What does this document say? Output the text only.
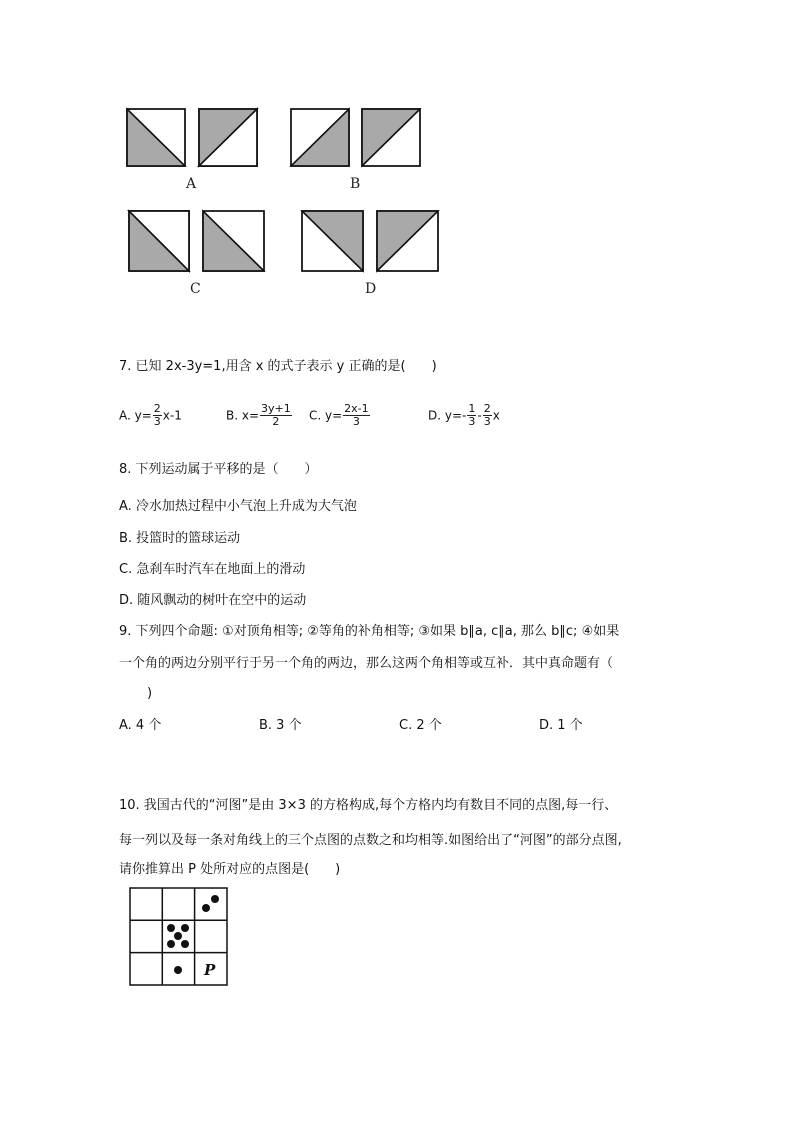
A	B
C	D
7. 已知 2x-3y=1,用含 x 的式子表示 y 正确的是(　　)
A. $y= \frac{2}{3} x-1$	B. $x= \frac{3y+1}{2} C$. $y= \frac{2x-1}{3}$	D. $y=- \frac{1}{3} - \frac{2}{3}$ x
8. 下列运动属于平移的是（　　）
A. 冷水加热过程中小气泡上升成为大气泡
B. 投篮时的篮球运动
C. 急刹车时汽车在地面上的滑动
D. 随风飘动的树叶在空中的运动
9. 下列四个命题: ①对顶角相等; ②等角的补角相等; ③如果 b∥a, c∥a, 那么 b∥c; ④如果
一个角的两边分别平行于另一个角的两边，那么这两个角相等或互补．其中真命题有（
)
A. 4 个	B. 3 个	C. 2 个	D. 1 个
10. 我国古代的“河图”是由 3×3 的方格构成,每个方格内均有数目不同的点图,每一行、
每一列以及每一条对角线上的三个点图的点数之和均相等.如图给出了“河图”的部分点图,
请你推算出 P 处所对应的点图是(　　)
P
